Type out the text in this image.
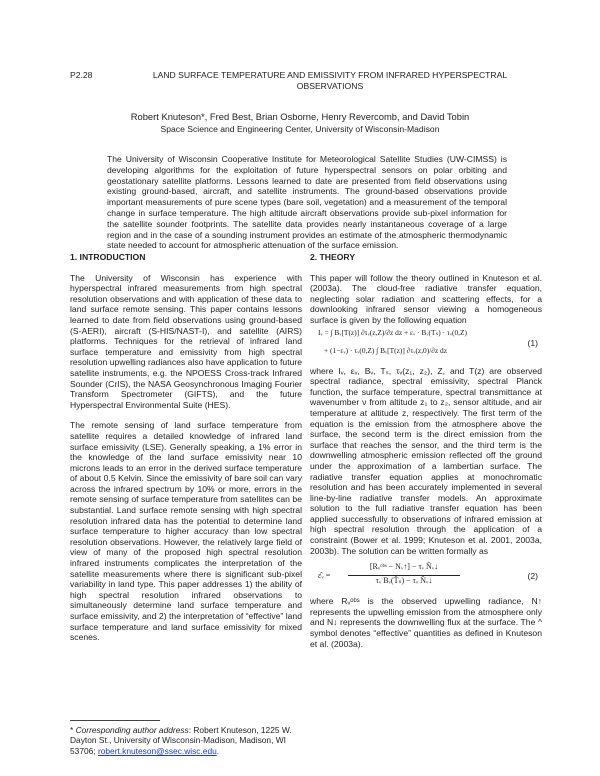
P2.28	LAND SURFACE TEMPERATURE AND EMISSIVITY FROM INFRARED HYPERSPECTRAL OBSERVATIONS
Robert Knuteson*, Fred Best, Brian Osborne, Henry Revercomb, and David Tobin
Space Science and Engineering Center, University of Wisconsin-Madison
The University of Wisconsin Cooperative Institute for Meteorological Satellite Studies (UW-CIMSS) is developing algorithms for the exploitation of future hyperspectral sensors on polar orbiting and geostationary satellite platforms. Lessons learned to date are presented from field observations using existing ground-based, aircraft, and satellite instruments. The ground-based observations provide important measurements of pure scene types (bare soil, vegetation) and a measurement of the temporal change in surface temperature. The high altitude aircraft observations provide sub-pixel information for the satellite sounder footprints. The satellite data provides nearly instantaneous coverage of a large region and in the case of a sounding instrument provides an estimate of the atmospheric thermodynamic state needed to account for atmospheric attenuation of the surface emission.
1. INTRODUCTION

The University of Wisconsin has experience with hyperspectral infrared measurements from high spectral resolution observations and with application of these data to land surface remote sensing. This paper contains lessons learned to date from field observations using ground-based (S-AERI), aircraft (S-HIS/NAST-I), and satellite (AIRS) platforms. Techniques for the retrieval of infrared land surface temperature and emissivity from high spectral resolution upwelling radiances also have application to future satellite instruments, e.g. the NPOESS Cross-track Infrared Sounder (CrIS), the NASA Geosynchronous Imaging Fourier Transform Spectrometer (GIFTS), and the future Hyperspectral Environmental Suite (HES).

The remote sensing of land surface temperature from satellite requires a detailed knowledge of infrared land surface emissivity (LSE). Generally speaking, a 1% error in the knowledge of the land surface emissivity near 10 microns leads to an error in the derived surface temperature of about 0.5 Kelvin. Since the emissivity of bare soil can vary across the infrared spectrum by 10% or more, errors in the remote sensing of surface temperature from satellites can be substantial. Land surface remote sensing with high spectral resolution infrared data has the potential to determine land surface temperature to higher accuracy than low spectral resolution observations. However, the relatively large field of view of many of the proposed high spectral resolution infrared instruments complicates the interpretation of the satellite measurements where there is significant sub-pixel variability in land type. This paper addresses 1) the ability of high spectral resolution infrared observations to simultaneously determine land surface temperature and surface emissivity, and 2) the interpretation of “effective” land surface temperature and land surface emissivity for mixed scenes.

2. THEORY

This paper will follow the theory outlined in Knuteson et al. (2003a). The cloud-free radiative transfer equation, neglecting solar radiation and scattering effects, for a downlooking infrared sensor viewing a homogeneous surface is given by the following equation

Iᵥ = ∫ Bᵥ[T(z)] ∂τᵥ(z,Z)/∂z dz + εᵥ · Bᵥ(Tₛ) · τᵥ(0,Z)
+ (1−εᵥ) · τᵥ(0,Z) ∫ Bᵥ[T(z)] ∂τᵥ(z,0)/∂z dz
(1)

where Iᵥ, εᵥ, Bᵥ, Tₛ, τᵥ(z₁, z₂), Z, and T(z) are observed spectral radiance, spectral emissivity, spectral Planck function, the surface temperature, spectral transmittance at wavenumber ν from altitude z₁ to z₂, sensor altitude, and air temperature at altitude z, respectively. The first term of the equation is the emission from the atmosphere above the surface, the second term is the direct emission from the surface that reaches the sensor, and the third term is the downwelling atmospheric emission reflected off the ground under the approximation of a lambertian surface. The radiative transfer equation applies at monochromatic resolution and has been accurately implemented in several line-by-line radiative transfer models. An approximate solution to the full radiative transfer equation has been applied successfully to observations of infrared emission at high spectral resolution through the application of a constraint (Bower et al. 1999; Knuteson et al. 2001, 2003a, 2003b). The solution can be written formally as

ε̂ᵥ =
[Rᵥᵒᵇˢ − Nᵥ↑] − τᵥ N̂ᵥ↓
τᵥ Bᵥ(T̂ₛ) − τᵥ N̂ᵥ↓	(2)

where Rᵥᵒᵇˢ is the observed upwelling radiance, N↑ represents the upwelling emission from the atmosphere only and N↓ represents the downwelling flux at the surface. The ^ symbol denotes “effective” quantities as defined in Knuteson et al. (2003a).

* Corresponding author address: Robert Knuteson, 1225 W. Dayton St., University of Wisconsin-Madison, Madison, WI 53706; robert.knuteson@ssec.wisc.edu.
